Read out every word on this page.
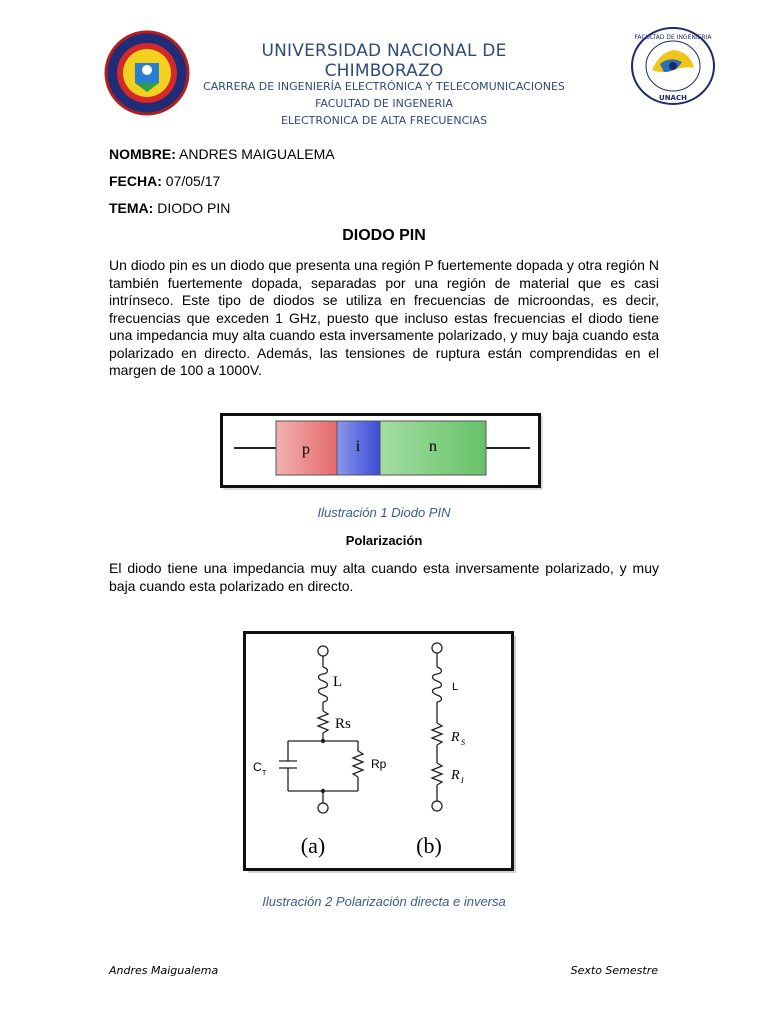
FACULTAD DE INGENIERIA
UNACH
UNIVERSIDAD NACIONAL DE CHIMBORAZO
CARRERA DE INGENIERÍA ELECTRÓNICA Y TELECOMUNICACIONES
FACULTAD DE INGENERIA
ELECTRONICA DE ALTA FRECUENCIAS
NOMBRE: ANDRES MAIGUALEMA
FECHA: 07/05/17
TEMA: DIODO PIN
DIODO PIN
Un diodo pin es un diodo que presenta una región P fuertemente dopada y otra región N también fuertemente dopada, separadas por una región de material que es casi intrínseco. Este tipo de diodos se utiliza en frecuencias de microondas, es decir, frecuencias que exceden 1 GHz, puesto que incluso estas frecuencias el diodo tiene una impedancia muy alta cuando esta inversamente polarizado, y muy baja cuando esta polarizado en directo. Además, las tensiones de ruptura están comprendidas en el margen de 100 a 1000V.
p	i	n
Ilustración 1 Diodo PIN
Polarización
El diodo tiene una impedancia muy alta cuando esta inversamente polarizado, y muy baja cuando esta polarizado en directo.
L
Rs
C T
Rp
(a)
L
R S
R I
(b)
Ilustración 2 Polarización directa e inversa
Andres Maigualema	Sexto Semestre
